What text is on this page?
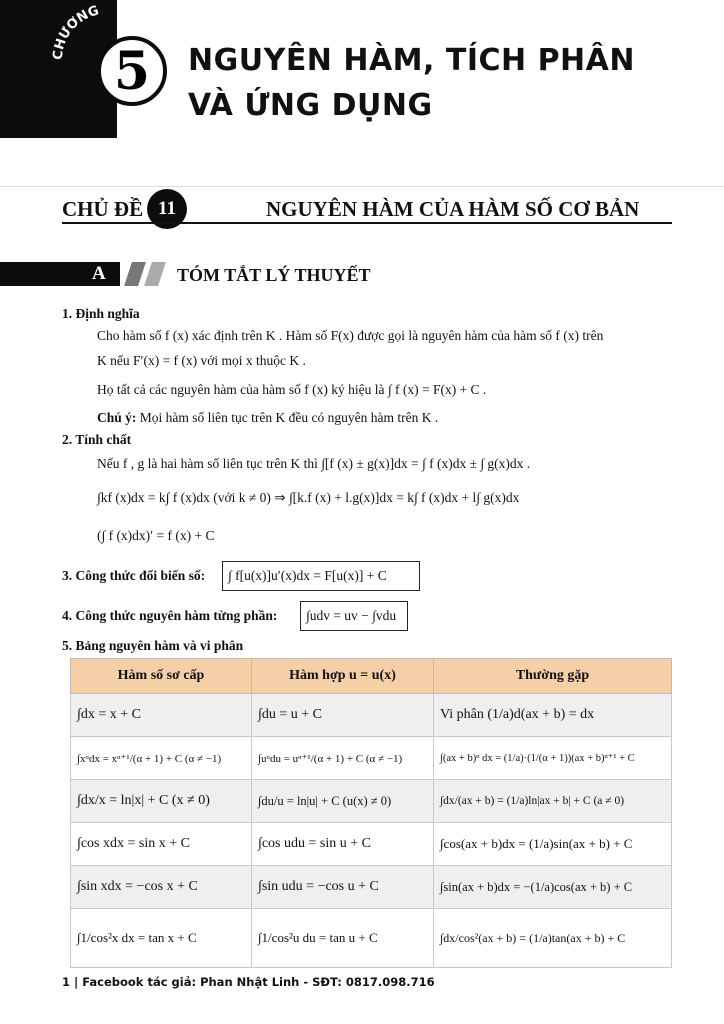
CHƯƠNG
5	NGUYÊN HÀM, TÍCH PHÂN
VÀ ỨNG DỤNG
CHỦ ĐỀ 11	NGUYÊN HÀM CỦA HÀM SỐ CƠ BẢN
A	TÓM TẮT LÝ THUYẾT
1. Định nghĩa
Cho hàm số f (x) xác định trên K . Hàm số F(x) được gọi là nguyên hàm của hàm số f (x) trên
K nếu F′(x) = f (x) với mọi x thuộc K .
Họ tất cả các nguyên hàm của hàm số f (x) ký hiệu là ∫ f (x) = F(x) + C .
Chú ý: Mọi hàm số liên tục trên K đều có nguyên hàm trên K .
2. Tính chất
Nếu f , g là hai hàm số liên tục trên K thì ∫[f (x) ± g(x)]dx = ∫ f (x)dx ± ∫ g(x)dx .
∫kf (x)dx = k∫ f (x)dx (với k ≠ 0) ⇒ ∫[k.f (x) + l.g(x)]dx = k∫ f (x)dx + l∫ g(x)dx
(∫ f (x)dx)′ = f (x) + C
3. Công thức đổi biến số: ∫ f[u(x)]u′(x)dx = F[u(x)] + C
4. Công thức nguyên hàm từng phần: ∫udv = uv − ∫vdu
5. Bảng nguyên hàm và vi phân
Hàm số sơ cấp	Hàm hợp u = u(x)	Thường gặp
∫dx = x + C	∫du = u + C	Vi phân (1/a)d(ax + b) = dx
∫xᵅdx = xᵅ⁺¹/(α + 1) + C (α ≠ −1)	∫uᵅdu = uᵅ⁺¹/(α + 1) + C (α ≠ −1)	∫(ax + b)ᵅ dx = (1/a)·(1/(α + 1))(ax + b)ᵅ⁺¹ + C
∫dx/x = ln|x| + C (x ≠ 0)	∫du/u = ln|u| + C (u(x) ≠ 0)	∫dx/(ax + b) = (1/a)ln|ax + b| + C (a ≠ 0)
∫cos xdx = sin x + C	∫cos udu = sin u + C	∫cos(ax + b)dx = (1/a)sin(ax + b) + C
∫sin xdx = −cos x + C	∫sin udu = −cos u + C	∫sin(ax + b)dx = −(1/a)cos(ax + b) + C
∫1/cos²x dx = tan x + C	∫1/cos²u du = tan u + C	∫dx/cos²(ax + b) = (1/a)tan(ax + b) + C
1 | Facebook tác giả: Phan Nhật Linh - SĐT: 0817.098.716
